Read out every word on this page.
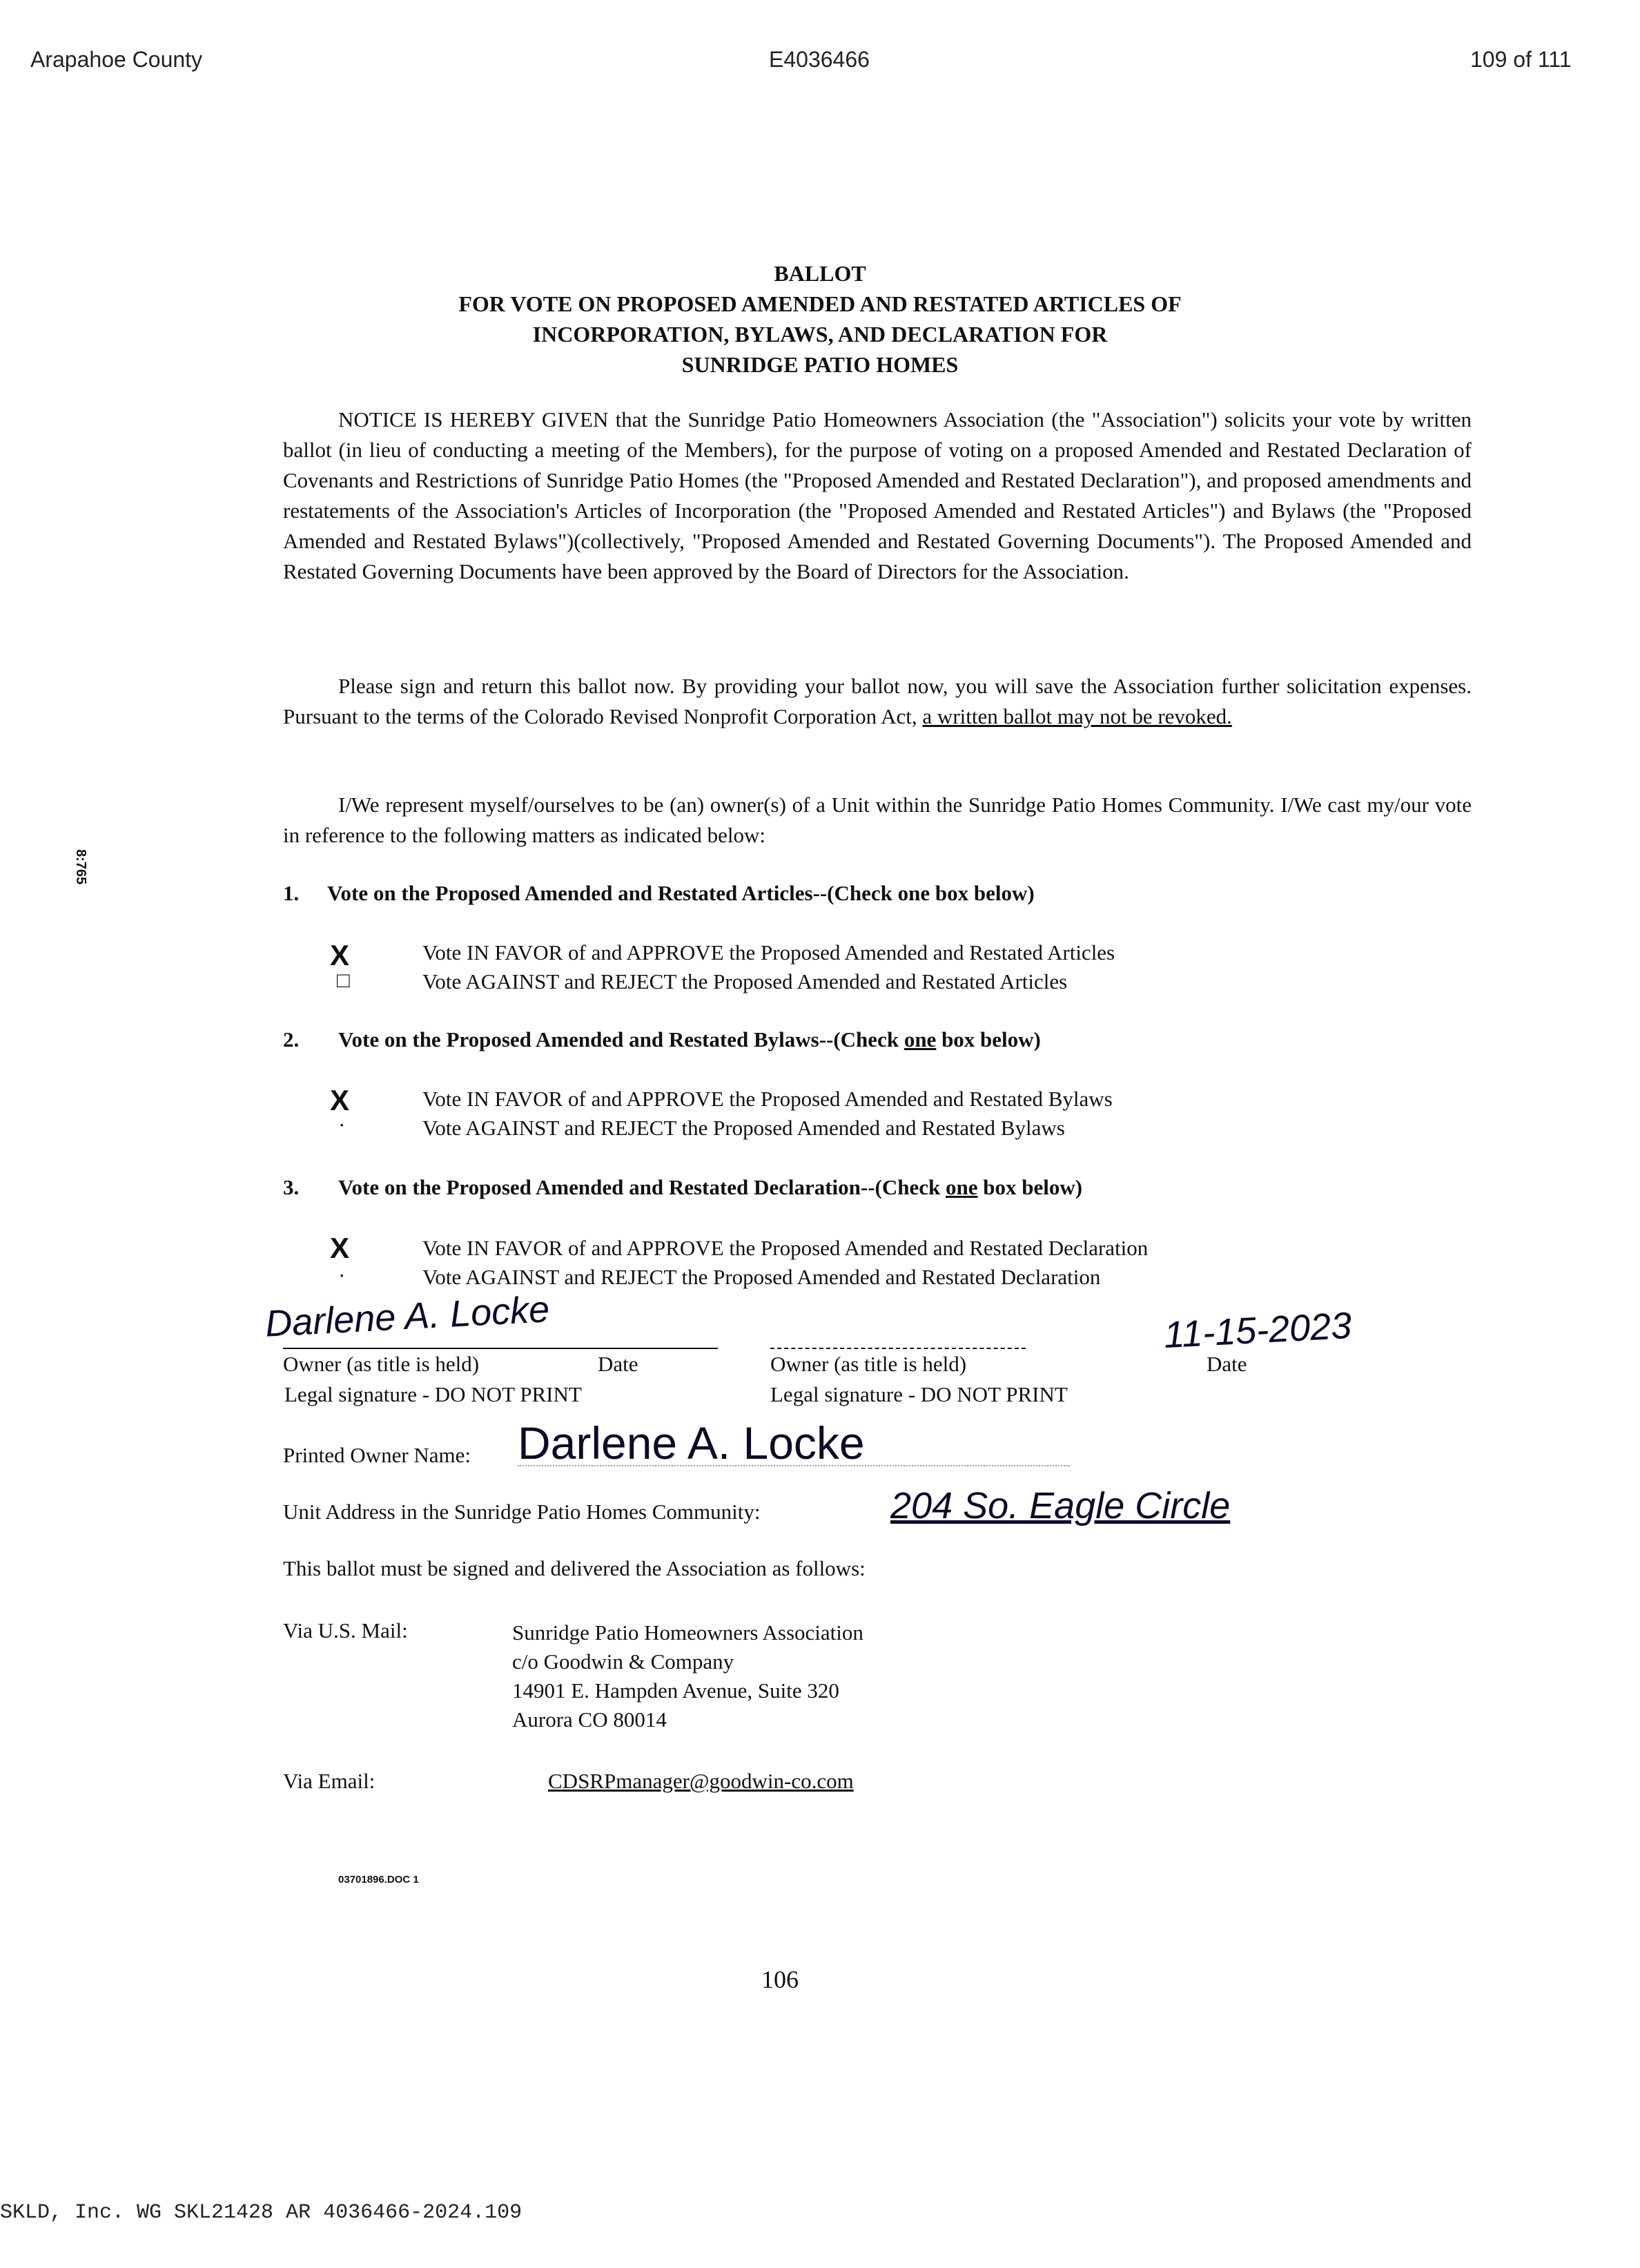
Arapahoe County	E4036466	109 of 111
8:765
BALLOT
FOR VOTE ON PROPOSED AMENDED AND RESTATED ARTICLES OF
INCORPORATION, BYLAWS, AND DECLARATION FOR
SUNRIDGE PATIO HOMES
NOTICE IS HEREBY GIVEN that the Sunridge Patio Homeowners Association (the "Association") solicits your vote by written ballot (in lieu of conducting a meeting of the Members), for the purpose of voting on a proposed Amended and Restated Declaration of Covenants and Restrictions of Sunridge Patio Homes (the "Proposed Amended and Restated Declaration"), and proposed amendments and restatements of the Association's Articles of Incorporation (the "Proposed Amended and Restated Articles") and Bylaws (the "Proposed Amended and Restated Bylaws")(collectively, "Proposed Amended and Restated Governing Documents"). The Proposed Amended and Restated Governing Documents have been approved by the Board of Directors for the Association.
Please sign and return this ballot now. By providing your ballot now, you will save the Association further solicitation expenses. Pursuant to the terms of the Colorado Revised Nonprofit Corporation Act, a written ballot may not be revoked.
I/We represent myself/ourselves to be (an) owner(s) of a Unit within the Sunridge Patio Homes Community. I/We cast my/our vote in reference to the following matters as indicated below:
1. Vote on the Proposed Amended and Restated Articles--(Check one box below)
X	Vote IN FAVOR of and APPROVE the Proposed Amended and Restated Articles
□	Vote AGAINST and REJECT the Proposed Amended and Restated Articles
2. Vote on the Proposed Amended and Restated Bylaws--(Check one box below)
X	Vote IN FAVOR of and APPROVE the Proposed Amended and Restated Bylaws
·	Vote AGAINST and REJECT the Proposed Amended and Restated Bylaws
3. Vote on the Proposed Amended and Restated Declaration--(Check one box below)
X	Vote IN FAVOR of and APPROVE the Proposed Amended and Restated Declaration
·	Vote AGAINST and REJECT the Proposed Amended and Restated Declaration
Darlene A. Locke	11-15-2023
Owner (as title is held)	Date	Owner (as title is held)	Date
Legal signature - DO NOT PRINT	Legal signature - DO NOT PRINT
Printed Owner Name: Darlene A. Locke
Unit Address in the Sunridge Patio Homes Community:	204 So. Eagle Circle
This ballot must be signed and delivered the Association as follows:
Via U.S. Mail:	Sunridge Patio Homeowners Association
c/o Goodwin & Company
14901 E. Hampden Avenue, Suite 320
Aurora CO 80014
Via Email:	CDSRPmanager@goodwin-co.com
03701896.DOC 1
106
SKLD, Inc. WG SKL21428 AR 4036466-2024.109
